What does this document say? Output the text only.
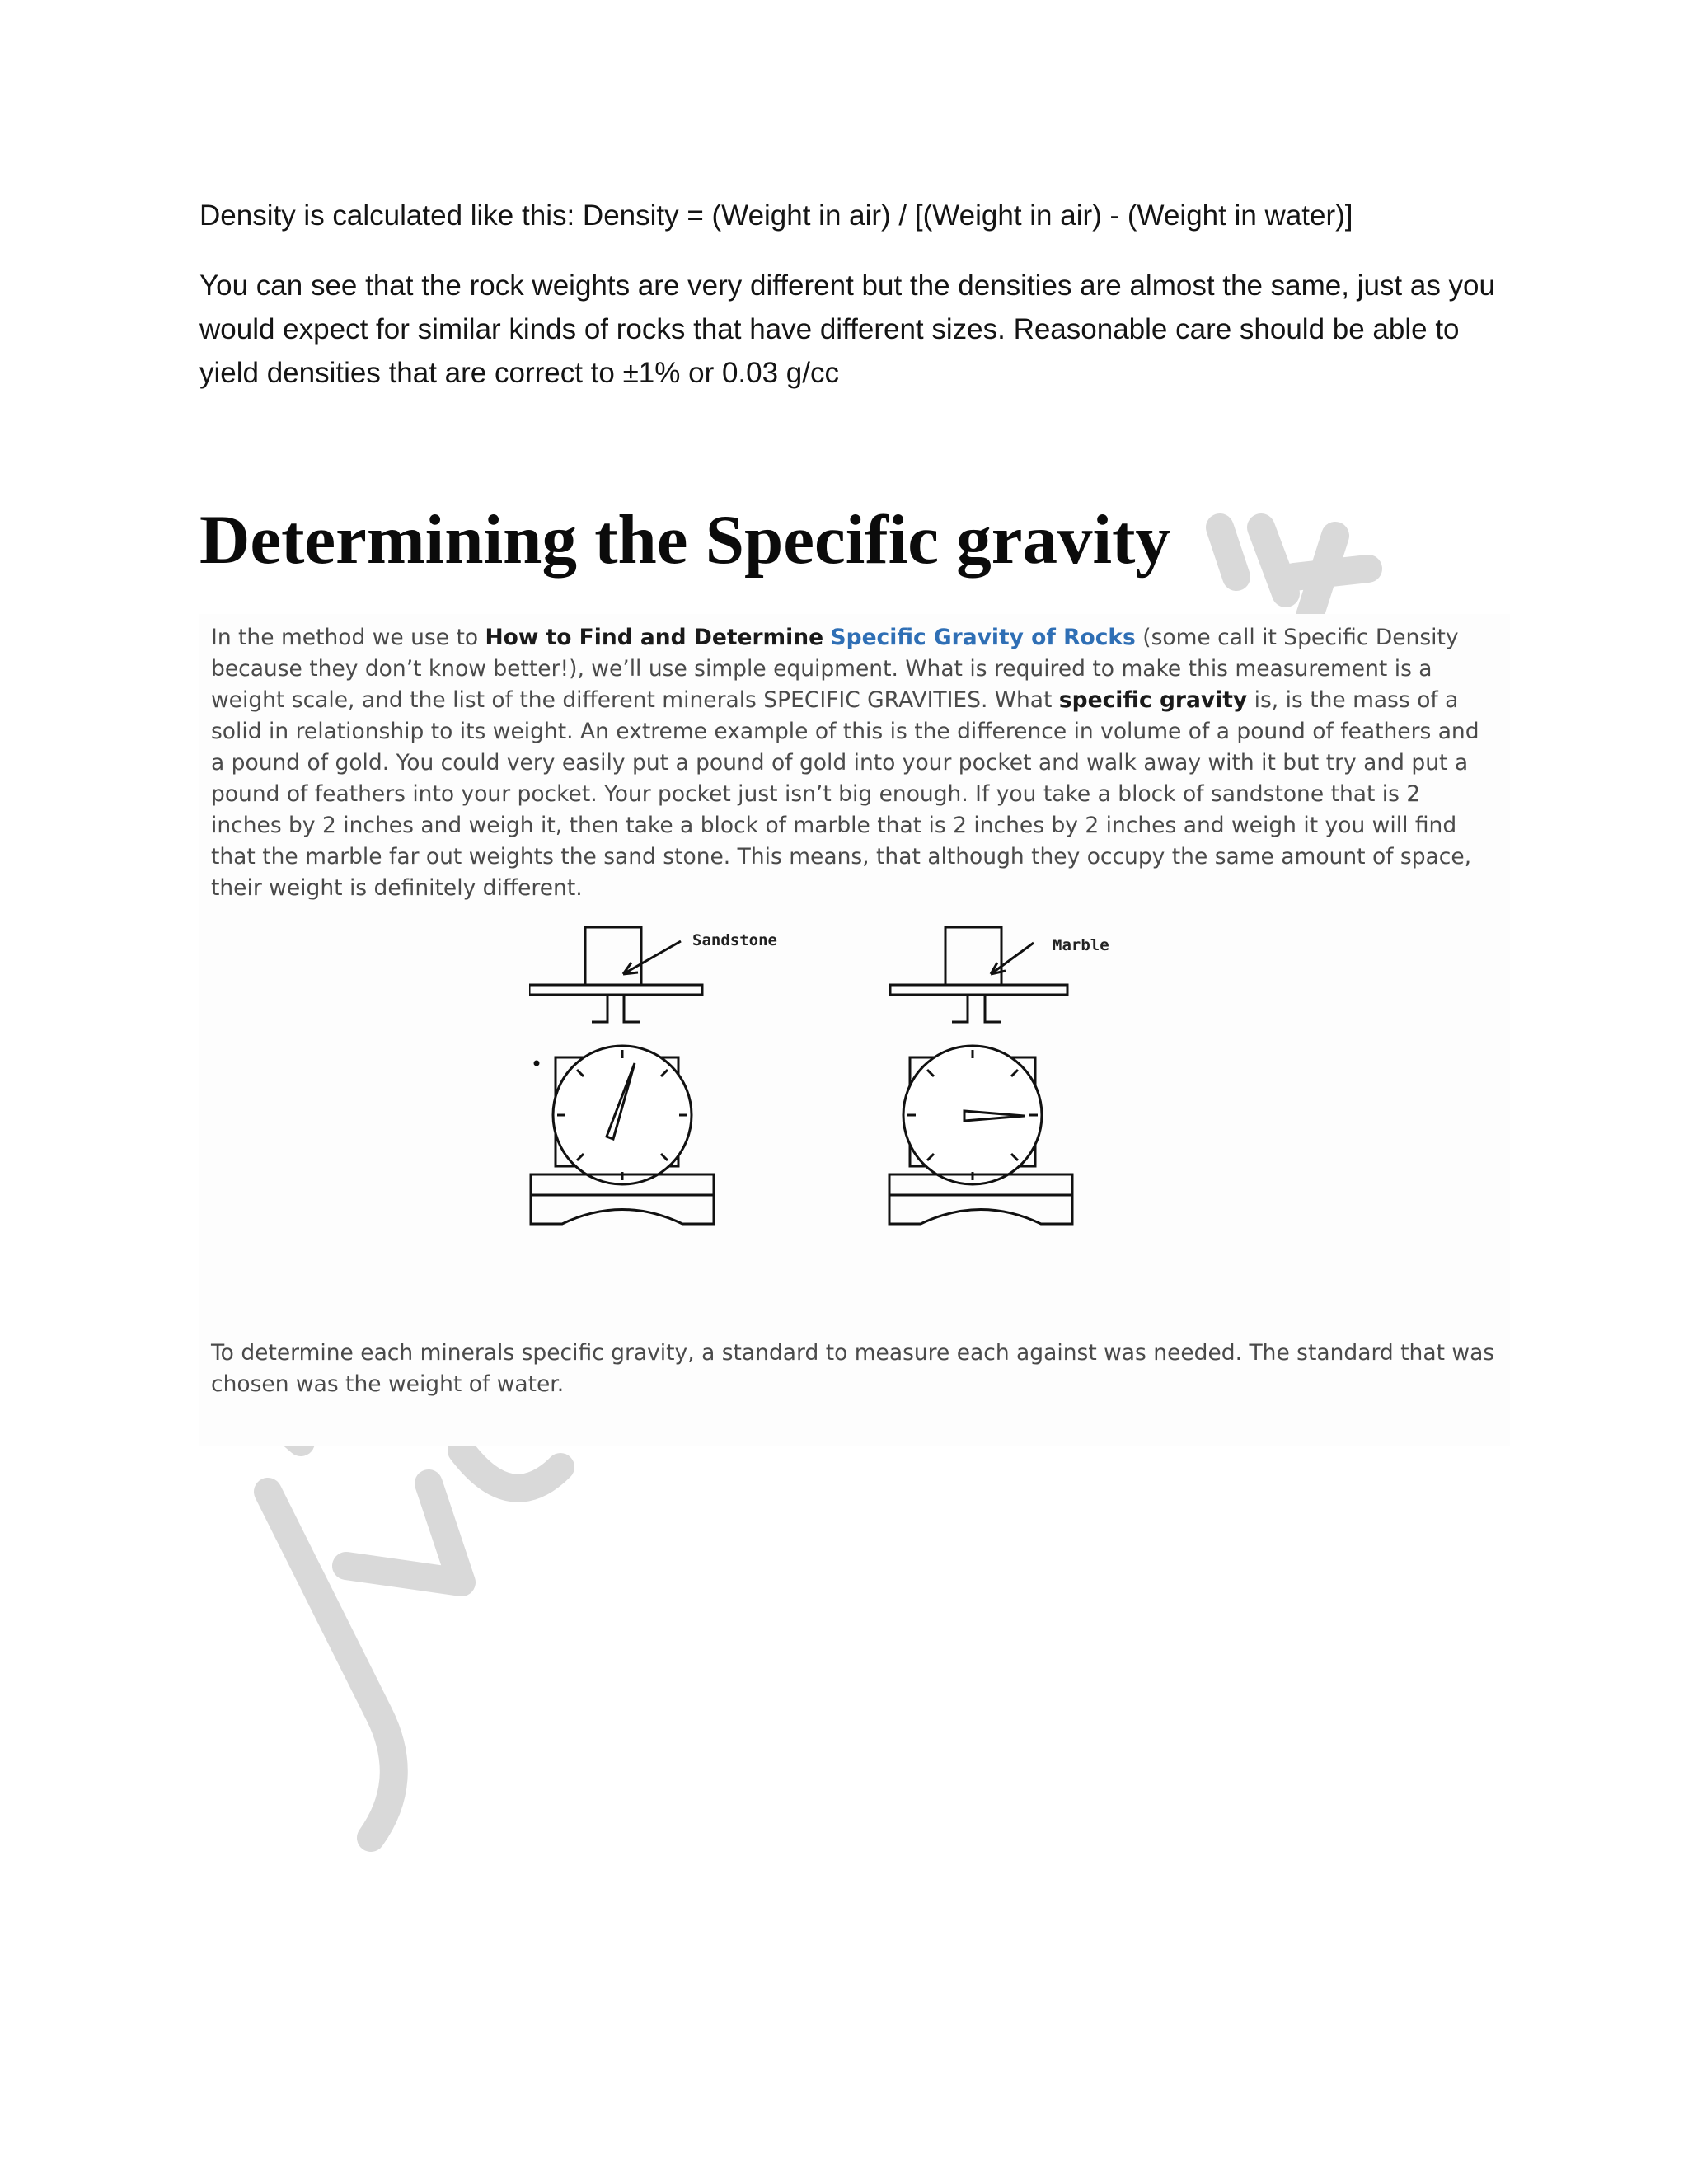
Density is calculated like this: Density = (Weight in air) / [(Weight in air) - (Weight in water)]
You can see that the rock weights are very different but the densities are almost the same, just as you would expect for similar kinds of rocks that have different sizes. Reasonable care should be able to yield densities that are correct to ±1% or 0.03 g/cc
Determining the Specific gravity
In the method we use to How to Find and Determine Specific Gravity of Rocks (some call it Specific Density because they don’t know better!), we’ll use simple equipment. What is required to make this measurement is a weight scale, and the list of the different minerals SPECIFIC GRAVITIES. What specific gravity is, is the mass of a solid in relationship to its weight. An extreme example of this is the difference in volume of a pound of feathers and a pound of gold. You could very easily put a pound of gold into your pocket and walk away with it but try and put a pound of feathers into your pocket. Your pocket just isn’t big enough. If you take a block of sandstone that is 2 inches by 2 inches and weigh it, then take a block of marble that is 2 inches by 2 inches and weigh it you will find that the marble far out weights the sand stone. This means, that although they occupy the same amount of space, their weight is definitely different.
Sandstone	Marble
To determine each minerals specific gravity, a standard to measure each against was needed. The standard that was chosen was the weight of water.
